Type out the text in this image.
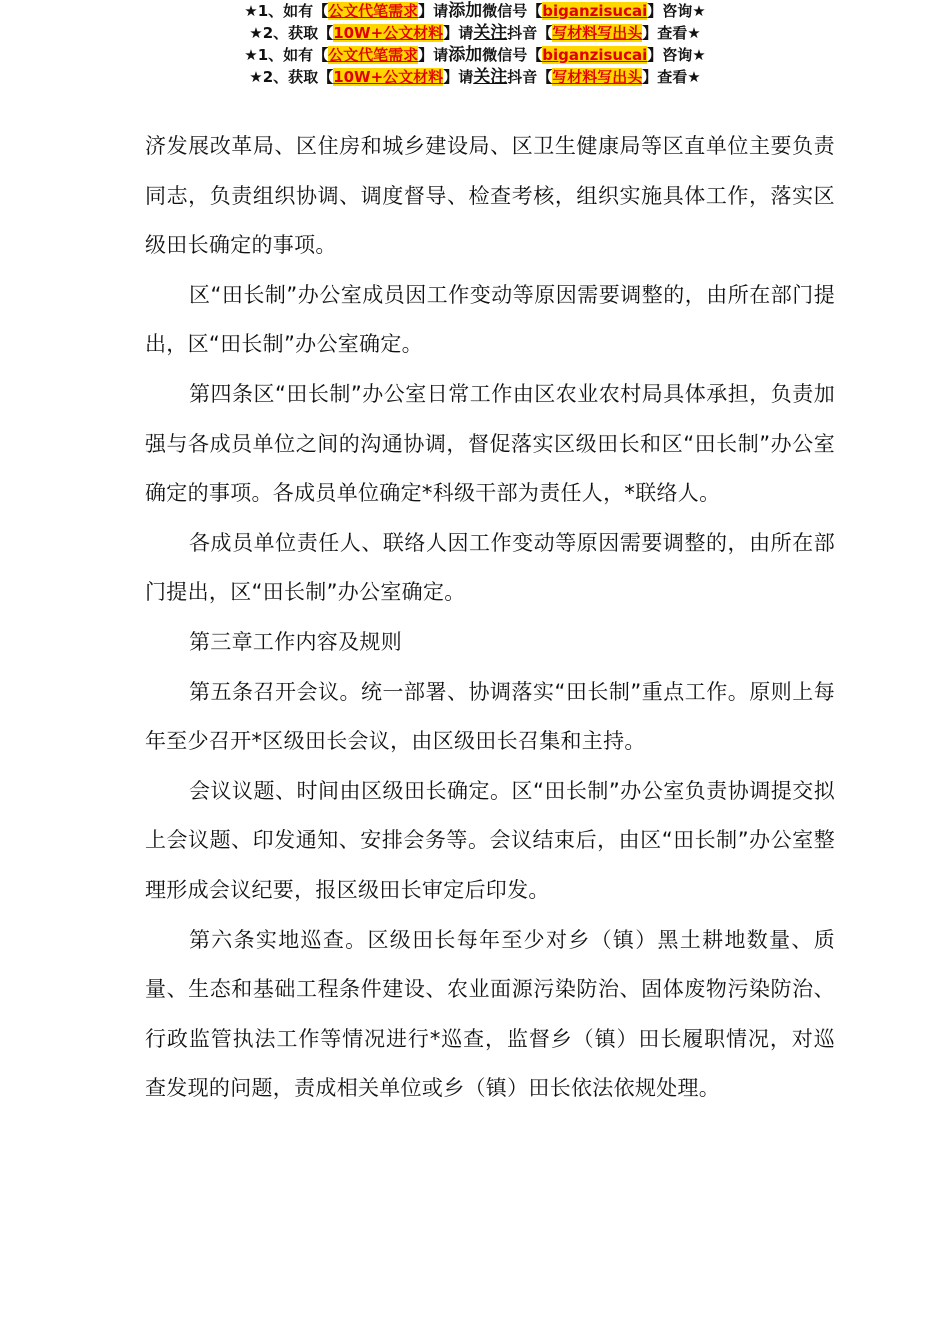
★1、如有【公文代笔需求】请添加微信号【biganzisucai】咨询★
★2、获取【10W+公文材料】请关注抖音【写材料写出头】查看★

济发展改革局、区住房和城乡建设局、区卫生健康局等区直单位主要负责同志，负责组织协调、调度督导、检查考核，组织实施具体工作，落实区级田长确定的事项。

区“田长制”办公室成员因工作变动等原因需要调整的，由所在部门提出，区“田长制”办公室确定。

第四条区“田长制”办公室日常工作由区农业农村局具体承担，负责加强与各成员单位之间的沟通协调，督促落实区级田长和区“田长制”办公室确定的事项。各成员单位确定*科级干部为责任人，*联络人。

各成员单位责任人、联络人因工作变动等原因需要调整的，由所在部门提出，区“田长制”办公室确定。

第三章工作内容及规则

第五条召开会议。统一部署、协调落实“田长制”重点工作。原则上每年至少召开*区级田长会议，由区级田长召集和主持。

会议议题、时间由区级田长确定。区“田长制”办公室负责协调提交拟上会议题、印发通知、安排会务等。会议结束后，由区“田长制”办公室整理形成会议纪要，报区级田长审定后印发。

第六条实地巡查。区级田长每年至少对乡（镇）黑土耕地数量、质量、生态和基础工程条件建设、农业面源污染防治、固体废物污染防治、行政监管执法工作等情况进行*巡查，监督乡（镇）田长履职情况，对巡查发现的问题，责成相关单位或乡（镇）田长依法依规处理。

★1、如有【公文代笔需求】请添加微信号【biganzisucai】咨询★
★2、获取【10W+公文材料】请关注抖音【写材料写出头】查看★
